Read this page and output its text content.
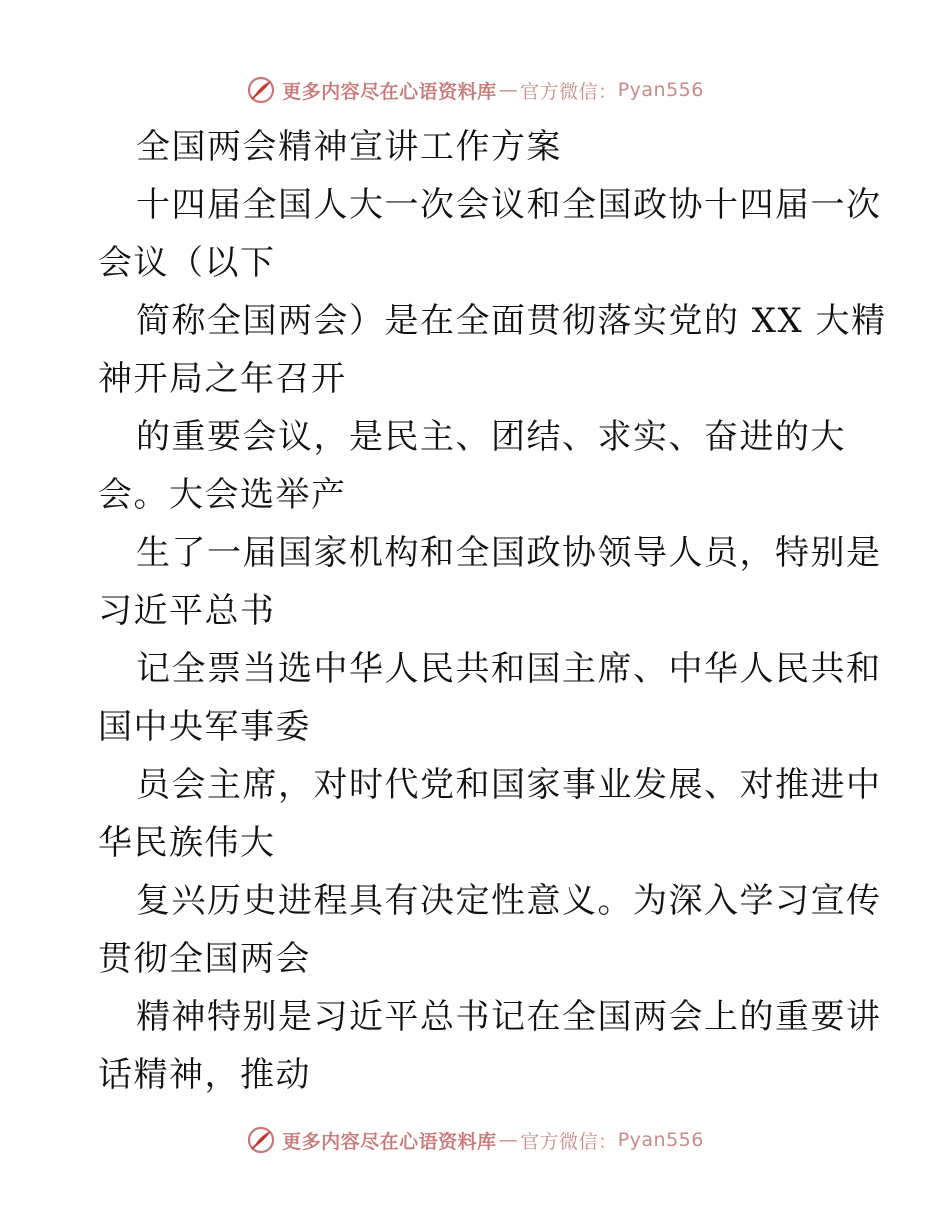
更多内容尽在心语资料库 — 官方微信： Pyan556
全国两会精神宣讲工作方案
十四届全国人大一次会议和全国政协十四届一次
会议（以下
简称全国两会）是在全面贯彻落实党的 XX 大精
神开局之年召开
的重要会议，是民主、团结、求实、奋进的大
会。大会选举产
生了一届国家机构和全国政协领导人员，特别是
习近平总书
记全票当选中华人民共和国主席、中华人民共和
国中央军事委
员会主席，对时代党和国家事业发展、对推进中
华民族伟大
复兴历史进程具有决定性意义。为深入学习宣传
贯彻全国两会
精神特别是习近平总书记在全国两会上的重要讲
话精神，推动
更多内容尽在心语资料库 — 官方微信： Pyan556
